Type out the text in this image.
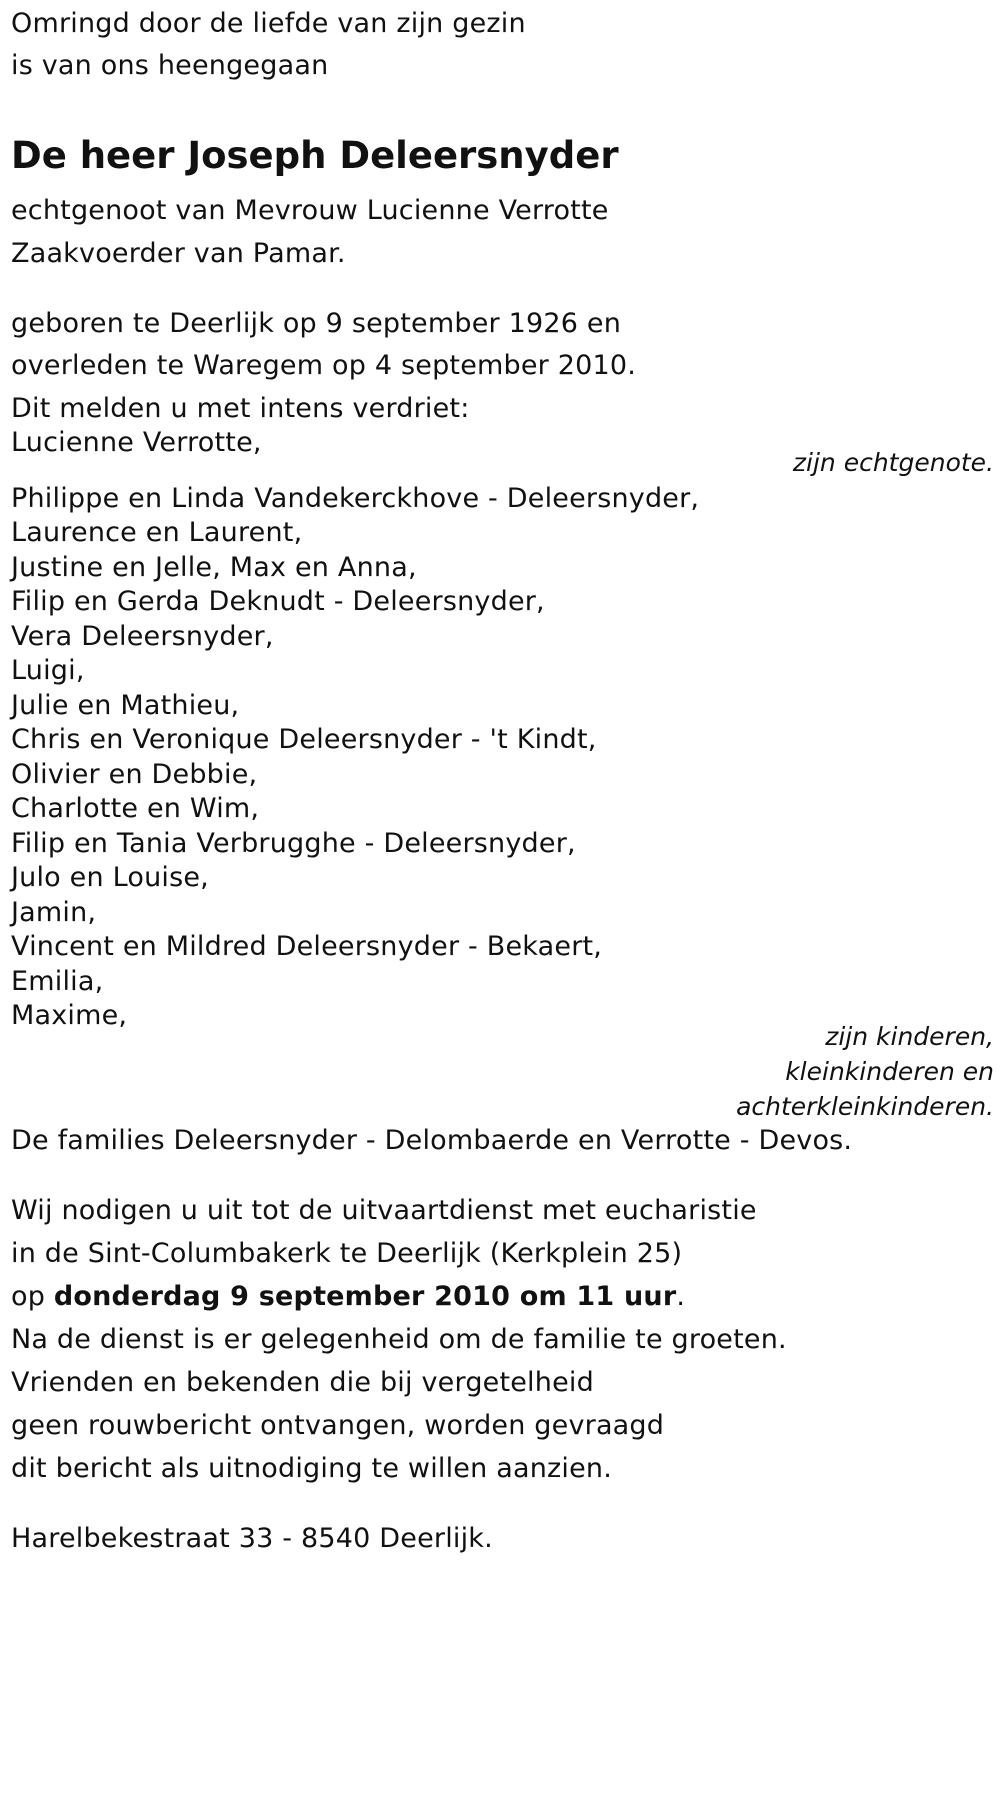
Omringd door de liefde van zijn gezin
is van ons heengegaan
De heer Joseph Deleersnyder
echtgenoot van Mevrouw Lucienne Verrotte
Zaakvoerder van Pamar.
geboren te Deerlijk op 9 september 1926 en
overleden te Waregem op 4 september 2010.
Dit melden u met intens verdriet:
Lucienne Verrotte,
zijn echtgenote.
Philippe en Linda Vandekerckhove - Deleersnyder,
Laurence en Laurent,
Justine en Jelle, Max en Anna,
Filip en Gerda Deknudt - Deleersnyder,
Vera Deleersnyder,
Luigi,
Julie en Mathieu,
Chris en Veronique Deleersnyder - 't Kindt,
Olivier en Debbie,
Charlotte en Wim,
Filip en Tania Verbrugghe - Deleersnyder,
Julo en Louise,
Jamin,
Vincent en Mildred Deleersnyder - Bekaert,
Emilia,
Maxime,
zijn kinderen,
kleinkinderen en
achterkleinkinderen.
De families Deleersnyder - Delombaerde en Verrotte - Devos.
Wij nodigen u uit tot de uitvaartdienst met eucharistie
in de Sint-Columbakerk te Deerlijk (Kerkplein 25)
op donderdag 9 september 2010 om 11 uur.
Na de dienst is er gelegenheid om de familie te groeten.
Vrienden en bekenden die bij vergetelheid
geen rouwbericht ontvangen, worden gevraagd
dit bericht als uitnodiging te willen aanzien.
Harelbekestraat 33 - 8540 Deerlijk.
